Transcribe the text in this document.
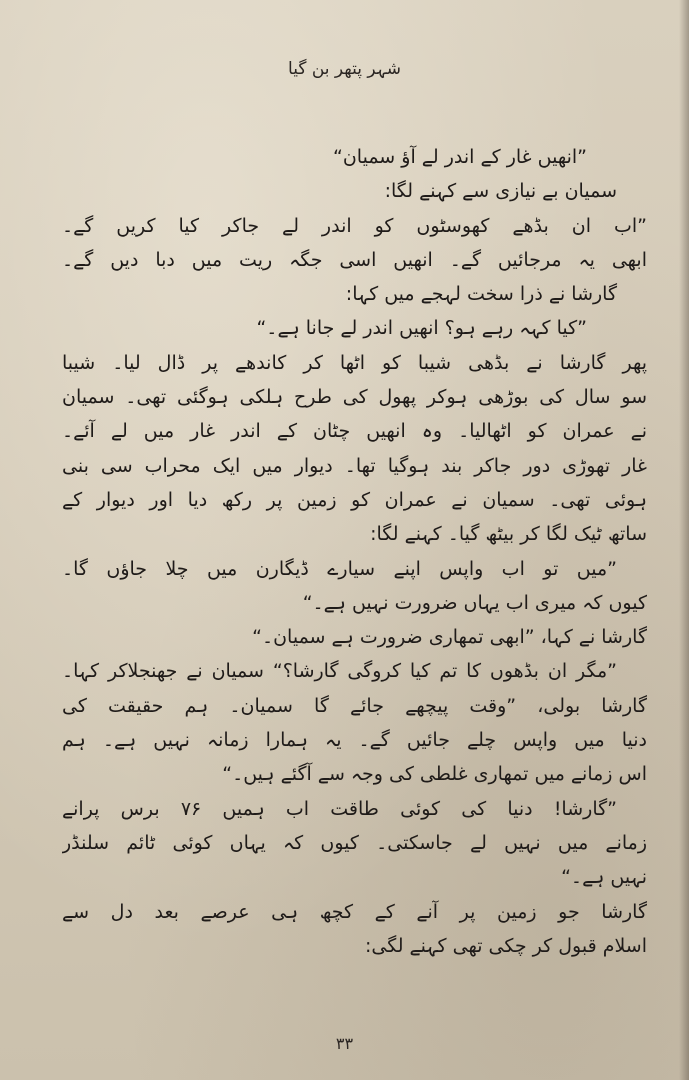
شہر پتھر بن گیا
”انھیں غار کے اندر لے آؤ سمیان“
سمیان بے نیازی سے کہنے لگا:
”اب ان بڈھے کھوسٹوں کو اندر لے جاکر کیا کریں گے۔
ابھی یہ مرجائیں گے۔ انھیں اسی جگہ ریت میں دبا دیں گے۔
گارشا نے ذرا سخت لہجے میں کہا:
”کیا کہہ رہے ہو؟ انھیں اندر لے جانا ہے۔“
پھر گارشا نے بڈھی شیبا کو اٹھا کر کاندھے پر ڈال لیا۔ شیبا
سو سال کی بوڑھی ہوکر پھول کی طرح ہلکی ہوگئی تھی۔ سمیان
نے عمران کو اٹھالیا۔ وہ انھیں چٹان کے اندر غار میں لے آئے۔
غار تھوڑی دور جاکر بند ہوگیا تھا۔ دیوار میں ایک محراب سی بنی
ہوئی تھی۔ سمیان نے عمران کو زمین پر رکھ دیا اور دیوار کے
ساتھ ٹیک لگا کر بیٹھ گیا۔ کہنے لگا:
”میں تو اب واپس اپنے سیارے ڈیگارن میں چلا جاؤں گا۔
کیوں کہ میری اب یہاں ضرورت نہیں ہے۔“
گارشا نے کہا، ”ابھی تمھاری ضرورت ہے سمیان۔“
”مگر ان بڈھوں کا تم کیا کروگی گارشا؟“ سمیان نے جھنجلاکر کہا۔
گارشا بولی، ”وقت پیچھے جائے گا سمیان۔ ہم حقیقت کی
دنیا میں واپس چلے جائیں گے۔ یہ ہمارا زمانہ نہیں ہے۔ ہم
اس زمانے میں تمھاری غلطی کی وجہ سے آگئے ہیں۔“
”گارشا! دنیا کی کوئی طاقت اب ہمیں ۷۶ برس پرانے
زمانے میں نہیں لے جاسکتی۔ کیوں کہ یہاں کوئی ٹائم سلنڈر
نہیں ہے۔“
گارشا جو زمین پر آنے کے کچھ ہی عرصے بعد دل سے
اسلام قبول کر چکی تھی کہنے لگی:
۳۳
